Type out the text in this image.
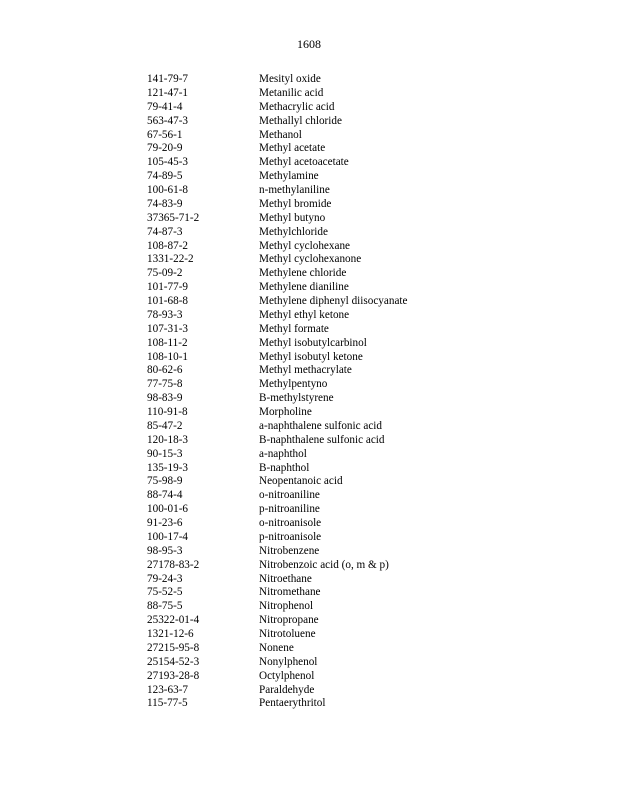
1608
141-79-7	Mesityl oxide
121-47-1	Metanilic acid
79-41-4	Methacrylic acid
563-47-3	Methallyl chloride
67-56-1	Methanol
79-20-9	Methyl acetate
105-45-3	Methyl acetoacetate
74-89-5	Methylamine
100-61-8	n-methylaniline
74-83-9	Methyl bromide
37365-71-2	Methyl butyno
74-87-3	Methylchloride
108-87-2	Methyl cyclohexane
1331-22-2	Methyl cyclohexanone
75-09-2	Methylene chloride
101-77-9	Methylene dianiline
101-68-8	Methylene diphenyl diisocyanate
78-93-3	Methyl ethyl ketone
107-31-3	Methyl formate
108-11-2	Methyl isobutylcarbinol
108-10-1	Methyl isobutyl ketone
80-62-6	Methyl methacrylate
77-75-8	Methylpentyno
98-83-9	B-methylstyrene
110-91-8	Morpholine
85-47-2	a-naphthalene sulfonic acid
120-18-3	B-naphthalene sulfonic acid
90-15-3	a-naphthol
135-19-3	B-naphthol
75-98-9	Neopentanoic acid
88-74-4	o-nitroaniline
100-01-6	p-nitroaniline
91-23-6	o-nitroanisole
100-17-4	p-nitroanisole
98-95-3	Nitrobenzene
27178-83-2	Nitrobenzoic acid (o, m & p)
79-24-3	Nitroethane
75-52-5	Nitromethane
88-75-5	Nitrophenol
25322-01-4	Nitropropane
1321-12-6	Nitrotoluene
27215-95-8	Nonene
25154-52-3	Nonylphenol
27193-28-8	Octylphenol
123-63-7	Paraldehyde
115-77-5	Pentaerythritol
